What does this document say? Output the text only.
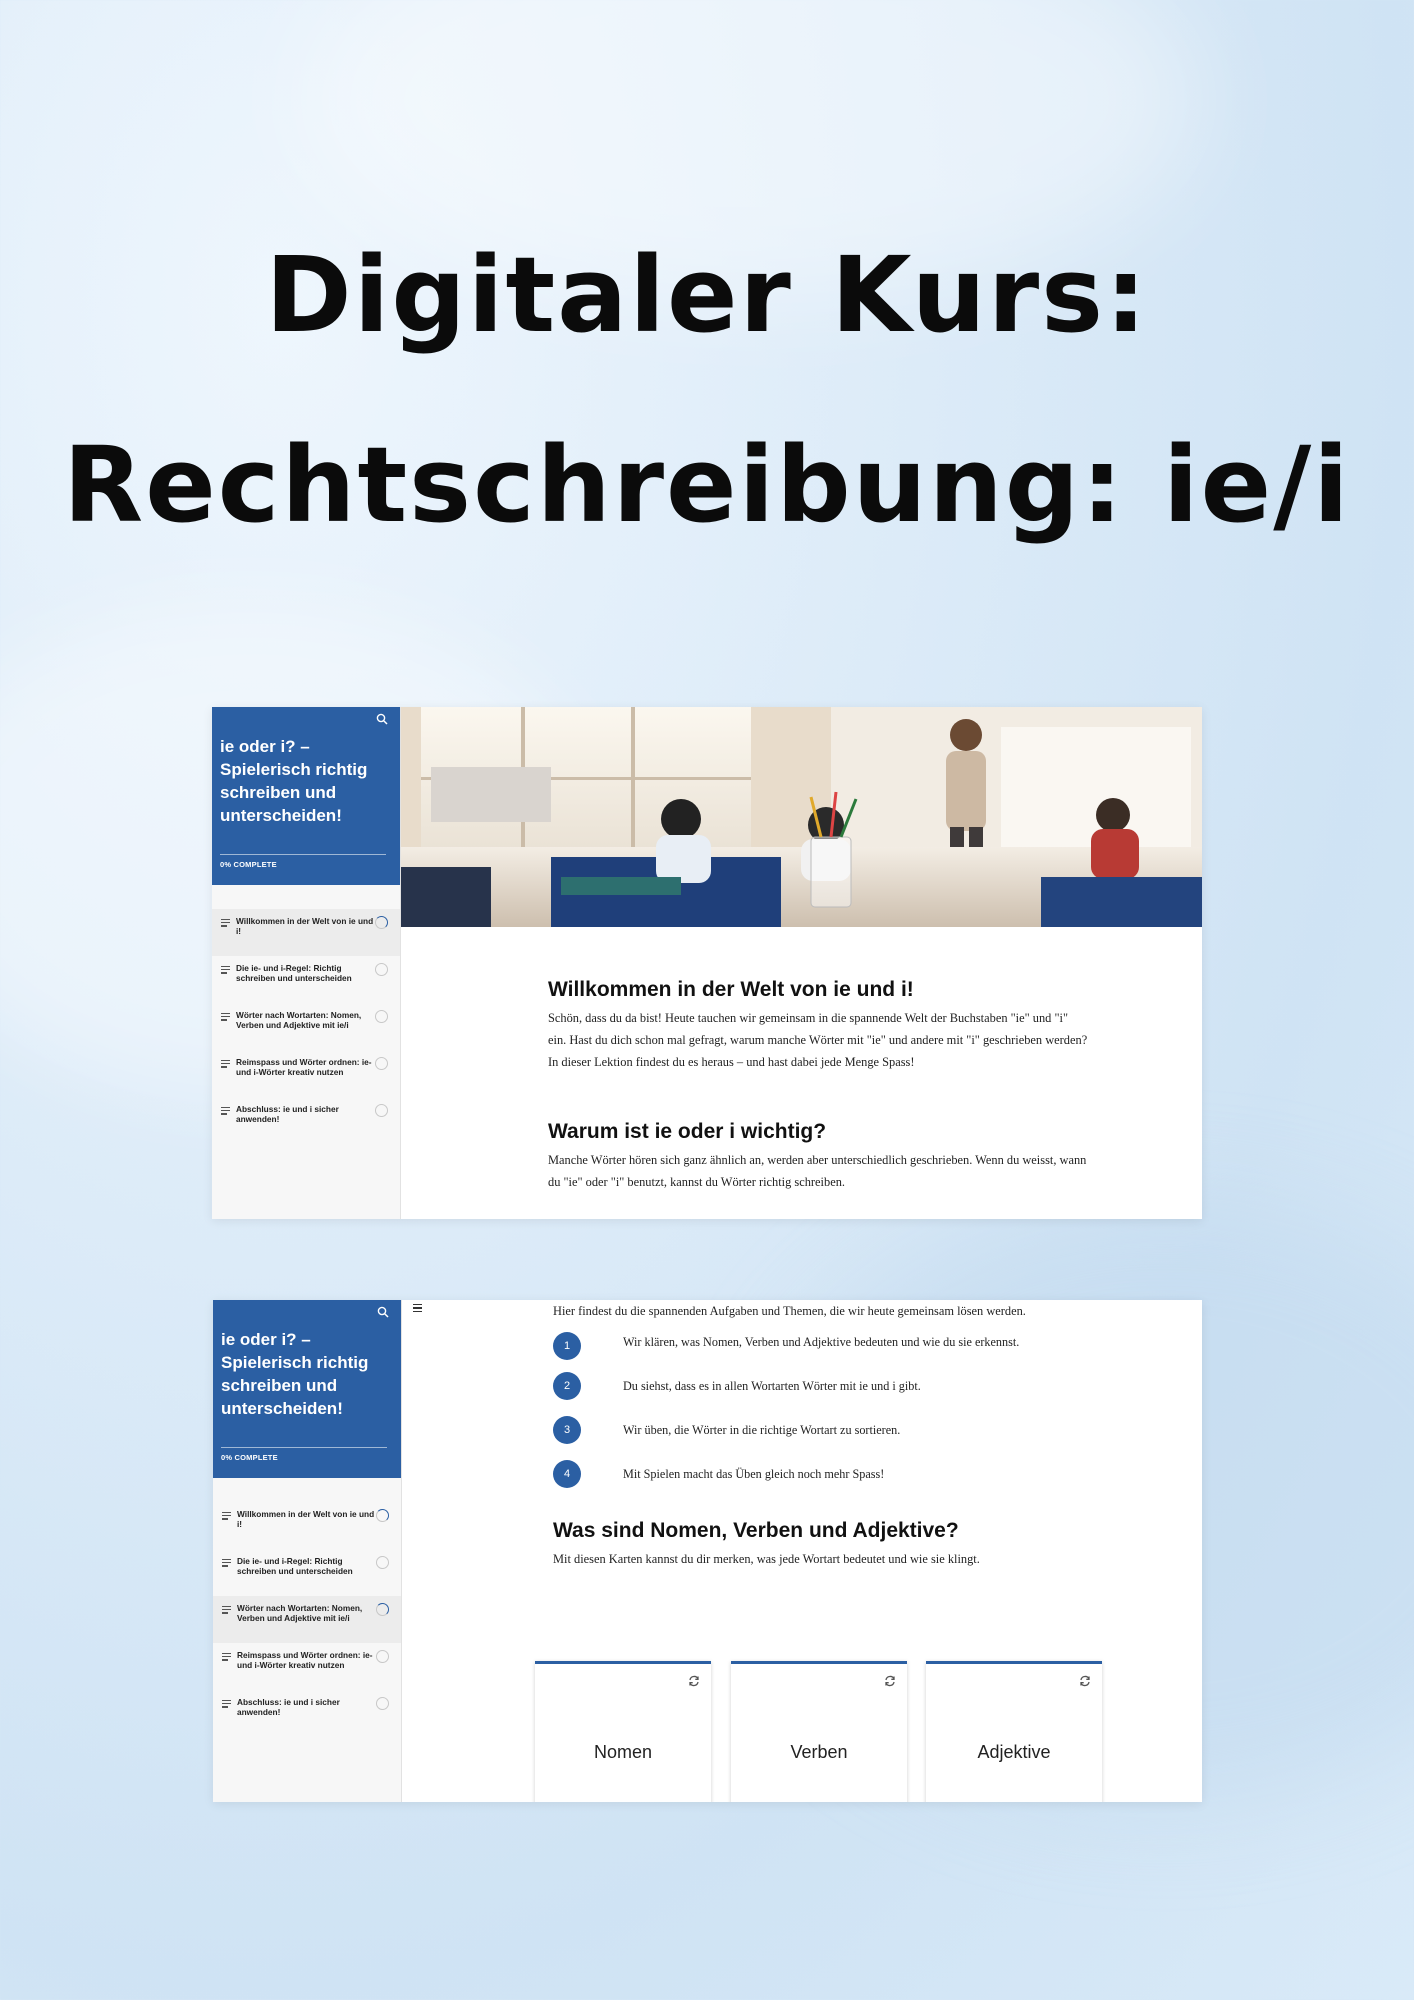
Digitaler Kurs:
Rechtschreibung: ie/i
ie oder i? – Spielerisch richtig schreiben und unterscheiden!
0% COMPLETE
Willkommen in der Welt von ie und i!
Die ie- und i-Regel: Richtig schreiben und unterscheiden
Wörter nach Wortarten: Nomen, Verben und Adjektive mit ie/i
Reimspass und Wörter ordnen: ie- und i-Wörter kreativ nutzen
Abschluss: ie und i sicher anwenden!
Willkommen in der Welt von ie und i!

Schön, dass du da bist! Heute tauchen wir gemeinsam in die spannende Welt der Buchstaben "ie" und "i" ein. Hast du dich schon mal gefragt, warum manche Wörter mit "ie" und andere mit "i" geschrieben werden? In dieser Lektion findest du es heraus – und hast dabei jede Menge Spass!

Warum ist ie oder i wichtig?

Manche Wörter hören sich ganz ähnlich an, werden aber unterschiedlich geschrieben. Wenn du weisst, wann du "ie" oder "i" benutzt, kannst du Wörter richtig schreiben.

ie oder i? – Spielerisch richtig schreiben und unterscheiden!
0% COMPLETE
Willkommen in der Welt von ie und i!
Die ie- und i-Regel: Richtig schreiben und unterscheiden
Wörter nach Wortarten: Nomen, Verben und Adjektive mit ie/i
Reimspass und Wörter ordnen: ie- und i-Wörter kreativ nutzen
Abschluss: ie und i sicher anwenden!

Hier findest du die spannenden Aufgaben und Themen, die wir heute gemeinsam lösen werden.

1	Wir klären, was Nomen, Verben und Adjektive bedeuten und wie du sie erkennst.
2	Du siehst, dass es in allen Wortarten Wörter mit ie und i gibt.
3	Wir üben, die Wörter in die richtige Wortart zu sortieren.
4	Mit Spielen macht das Üben gleich noch mehr Spass!
Was sind Nomen, Verben und Adjektive?

Mit diesen Karten kannst du dir merken, was jede Wortart bedeutet und wie sie klingt.

Nomen	Verben	Adjektive
